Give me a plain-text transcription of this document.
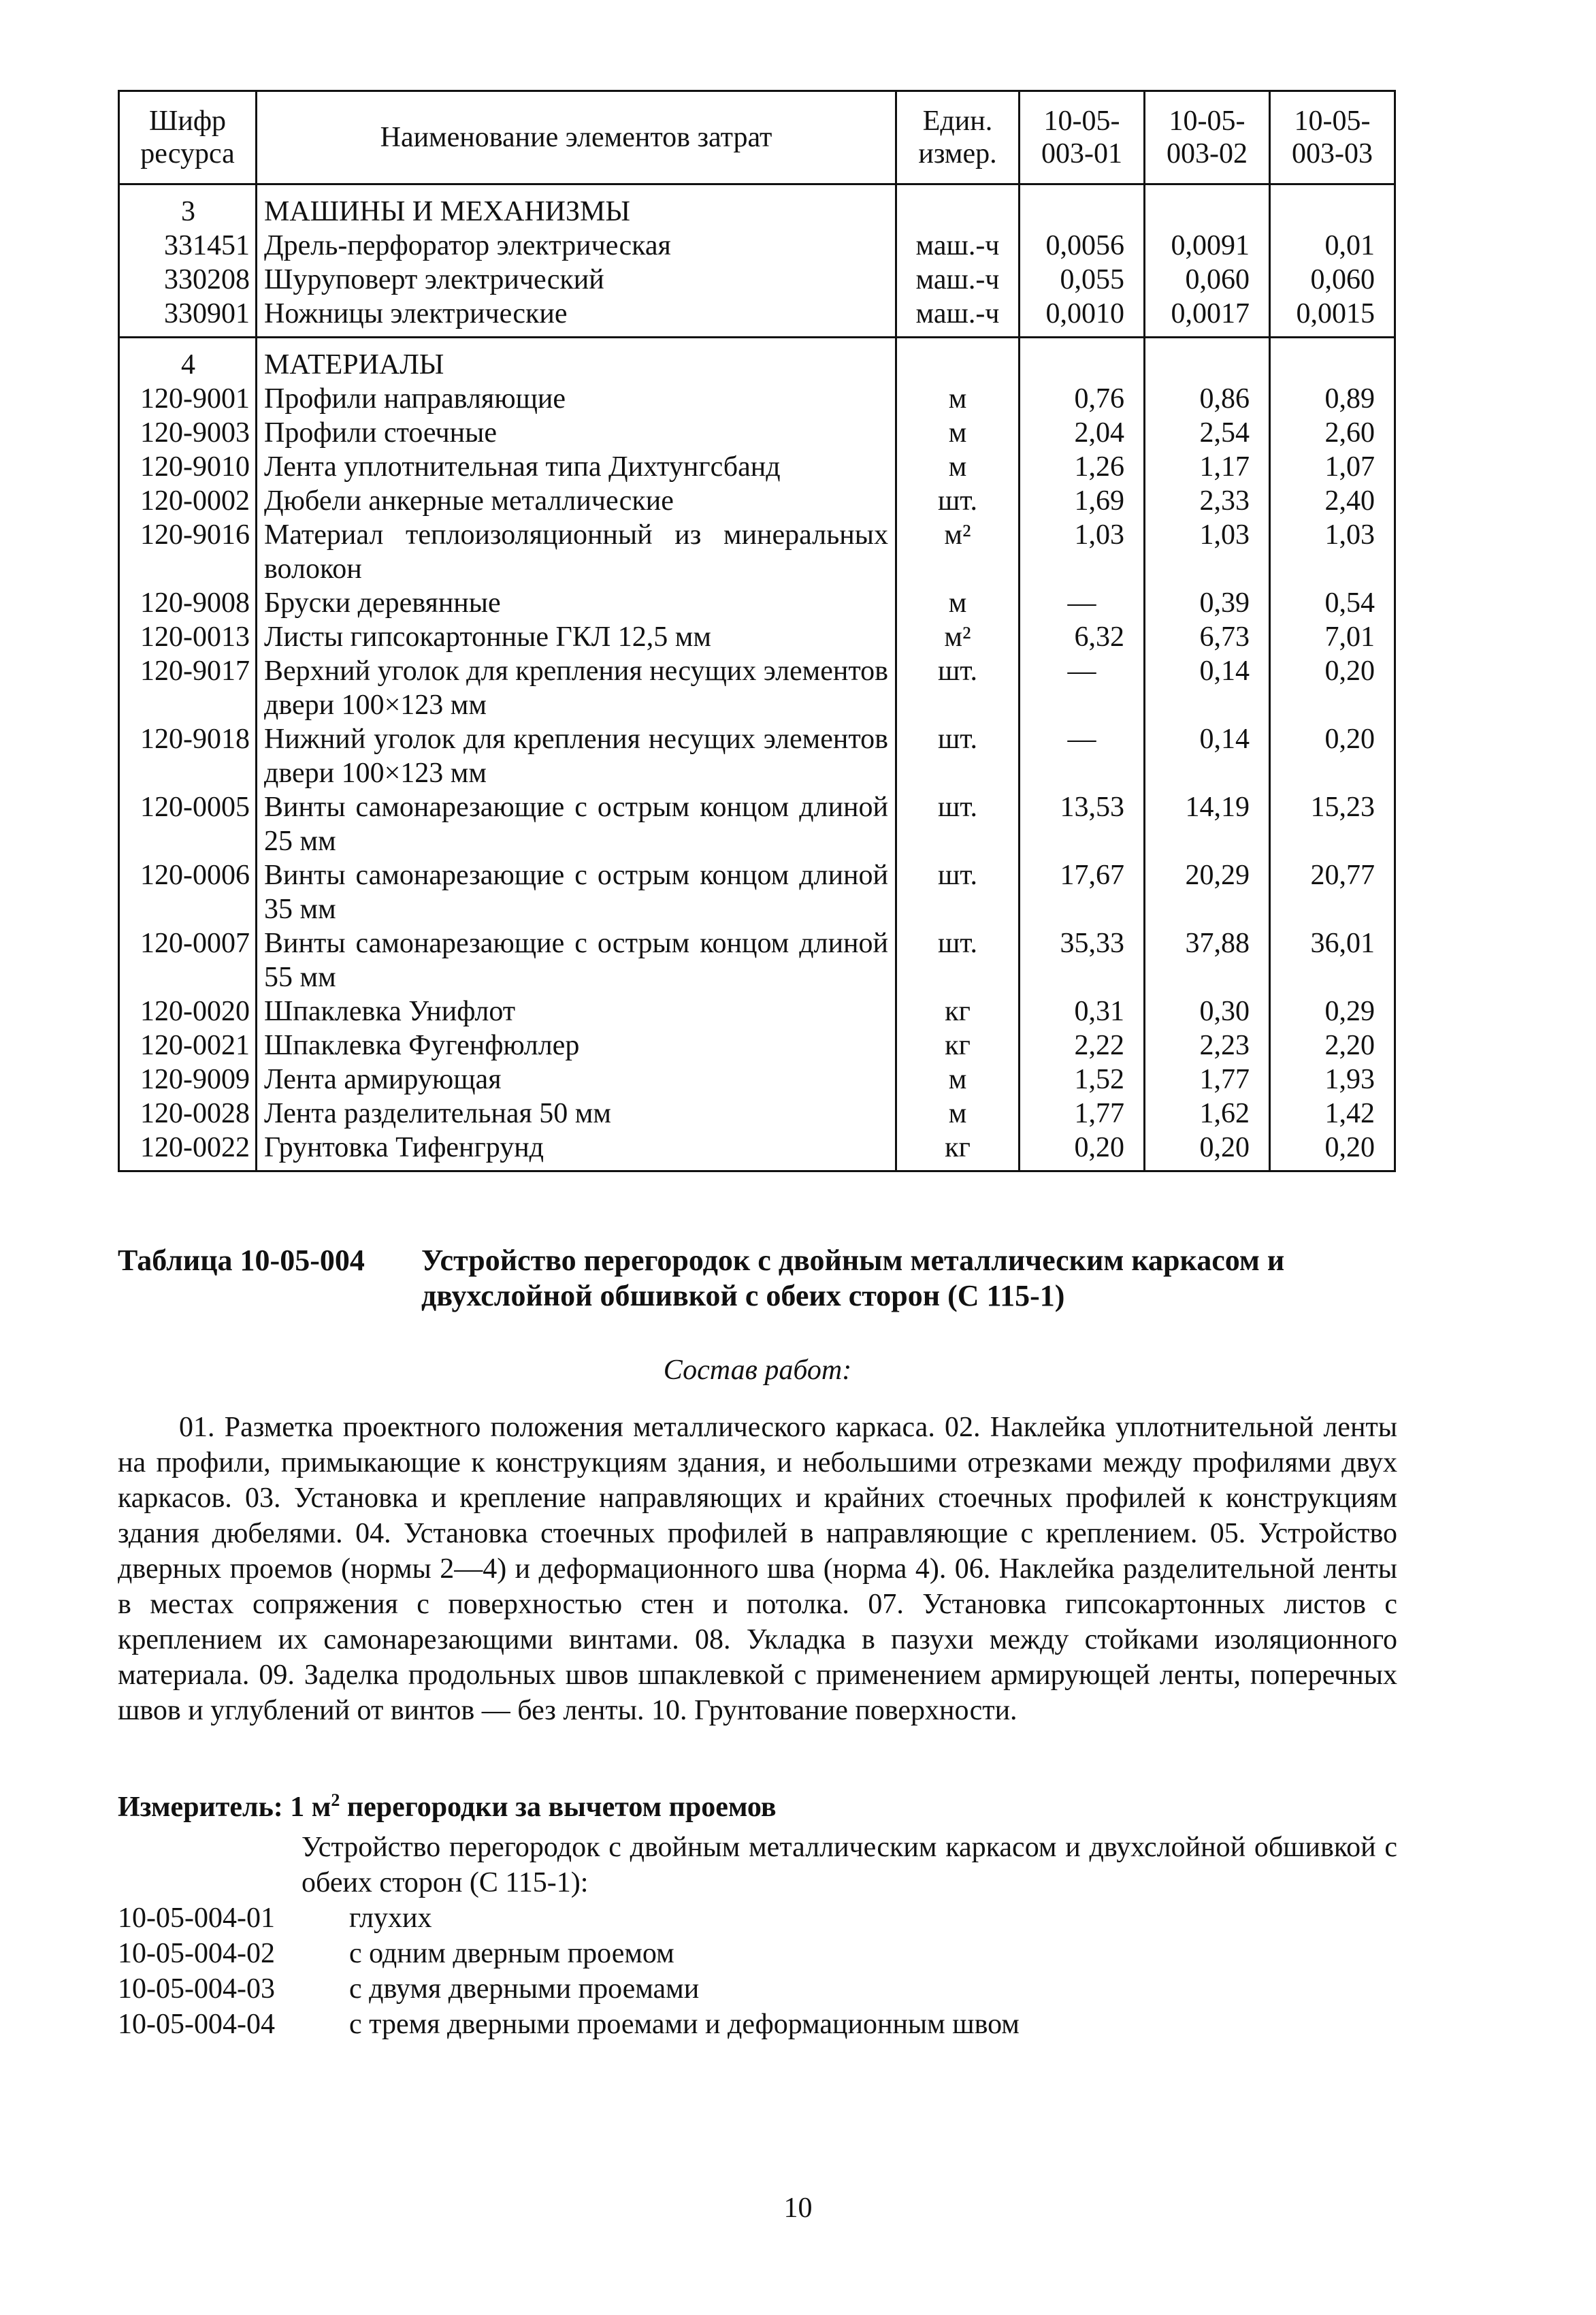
Шифр ресурса	Наименование элементов затрат	Един. измер.	10-05-003-01	10-05-003-02	10-05-003-03
3	МАШИНЫ И МЕХАНИЗМЫ				
331451	Дрель-перфоратор электрическая	маш.-ч	0,0056	0,0091	0,01
330208	Шуруповерт электрический	маш.-ч	0,055	0,060	0,060
330901	Ножницы электрические	маш.-ч	0,0010	0,0017	0,0015
4	МАТЕРИАЛЫ				
120-9001	Профили направляющие	м	0,76	0,86	0,89
120-9003	Профили стоечные	м	2,04	2,54	2,60
120-9010	Лента уплотнительная типа Дихтунгсбанд	м	1,26	1,17	1,07
120-0002	Дюбели анкерные металлические	шт.	1,69	2,33	2,40
120-9016	Материал теплоизоляционный из минеральных волокон	м²	1,03	1,03	1,03
120-9008	Бруски деревянные	м	—	0,39	0,54
120-0013	Листы гипсокартонные ГКЛ 12,5 мм	м²	6,32	6,73	7,01
120-9017	Верхний уголок для крепления несущих элементов двери 100×123 мм	шт.	—	0,14	0,20
120-9018	Нижний уголок для крепления несущих элементов двери 100×123 мм	шт.	—	0,14	0,20
120-0005	Винты самонарезающие с острым концом длиной 25 мм	шт.	13,53	14,19	15,23
120-0006	Винты самонарезающие с острым концом длиной 35 мм	шт.	17,67	20,29	20,77
120-0007	Винты самонарезающие с острым концом длиной 55 мм	шт.	35,33	37,88	36,01
120-0020	Шпаклевка Унифлот	кг	0,31	0,30	0,29
120-0021	Шпаклевка Фугенфюллер	кг	2,22	2,23	2,20
120-9009	Лента армирующая	м	1,52	1,77	1,93
120-0028	Лента разделительная 50 мм	м	1,77	1,62	1,42
120-0022	Грунтовка Тифенгрунд	кг	0,20	0,20	0,20
Таблица 10-05-004	Устройство перегородок с двойным металлическим каркасом и двухслойной обшивкой с обеих сторон (С 115-1)
Состав работ:
01. Разметка проектного положения металлического каркаса. 02. Наклейка уплотнительной ленты на профили, примыкающие к конструкциям здания, и небольшими отрезками между профилями двух каркасов. 03. Установка и крепление направляющих и крайних стоечных профилей к конструкциям здания дюбелями. 04. Установка стоечных профилей в направляющие с креплением. 05. Устройство дверных проемов (нормы 2—4) и деформационного шва (норма 4). 06. Наклейка разделительной ленты в местах сопряжения с поверхностью стен и потолка. 07. Установка гипсокартонных листов с креплением их самонарезающими винтами. 08. Укладка в пазухи между стойками изоляционного материала. 09. Заделка продольных швов шпаклевкой с применением армирующей ленты, поперечных швов и углублений от винтов — без ленты. 10. Грунтование поверхности.
Измеритель: 1 $м^2$ перегородки за вычетом проемов
Устройство перегородок с двойным металлическим каркасом и двухслойной обшивкой с обеих сторон (С 115-1):
10-05-004-01	глухих
10-05-004-02	с одним дверным проемом
10-05-004-03	с двумя дверными проемами
10-05-004-04	с тремя дверными проемами и деформационным швом
10
